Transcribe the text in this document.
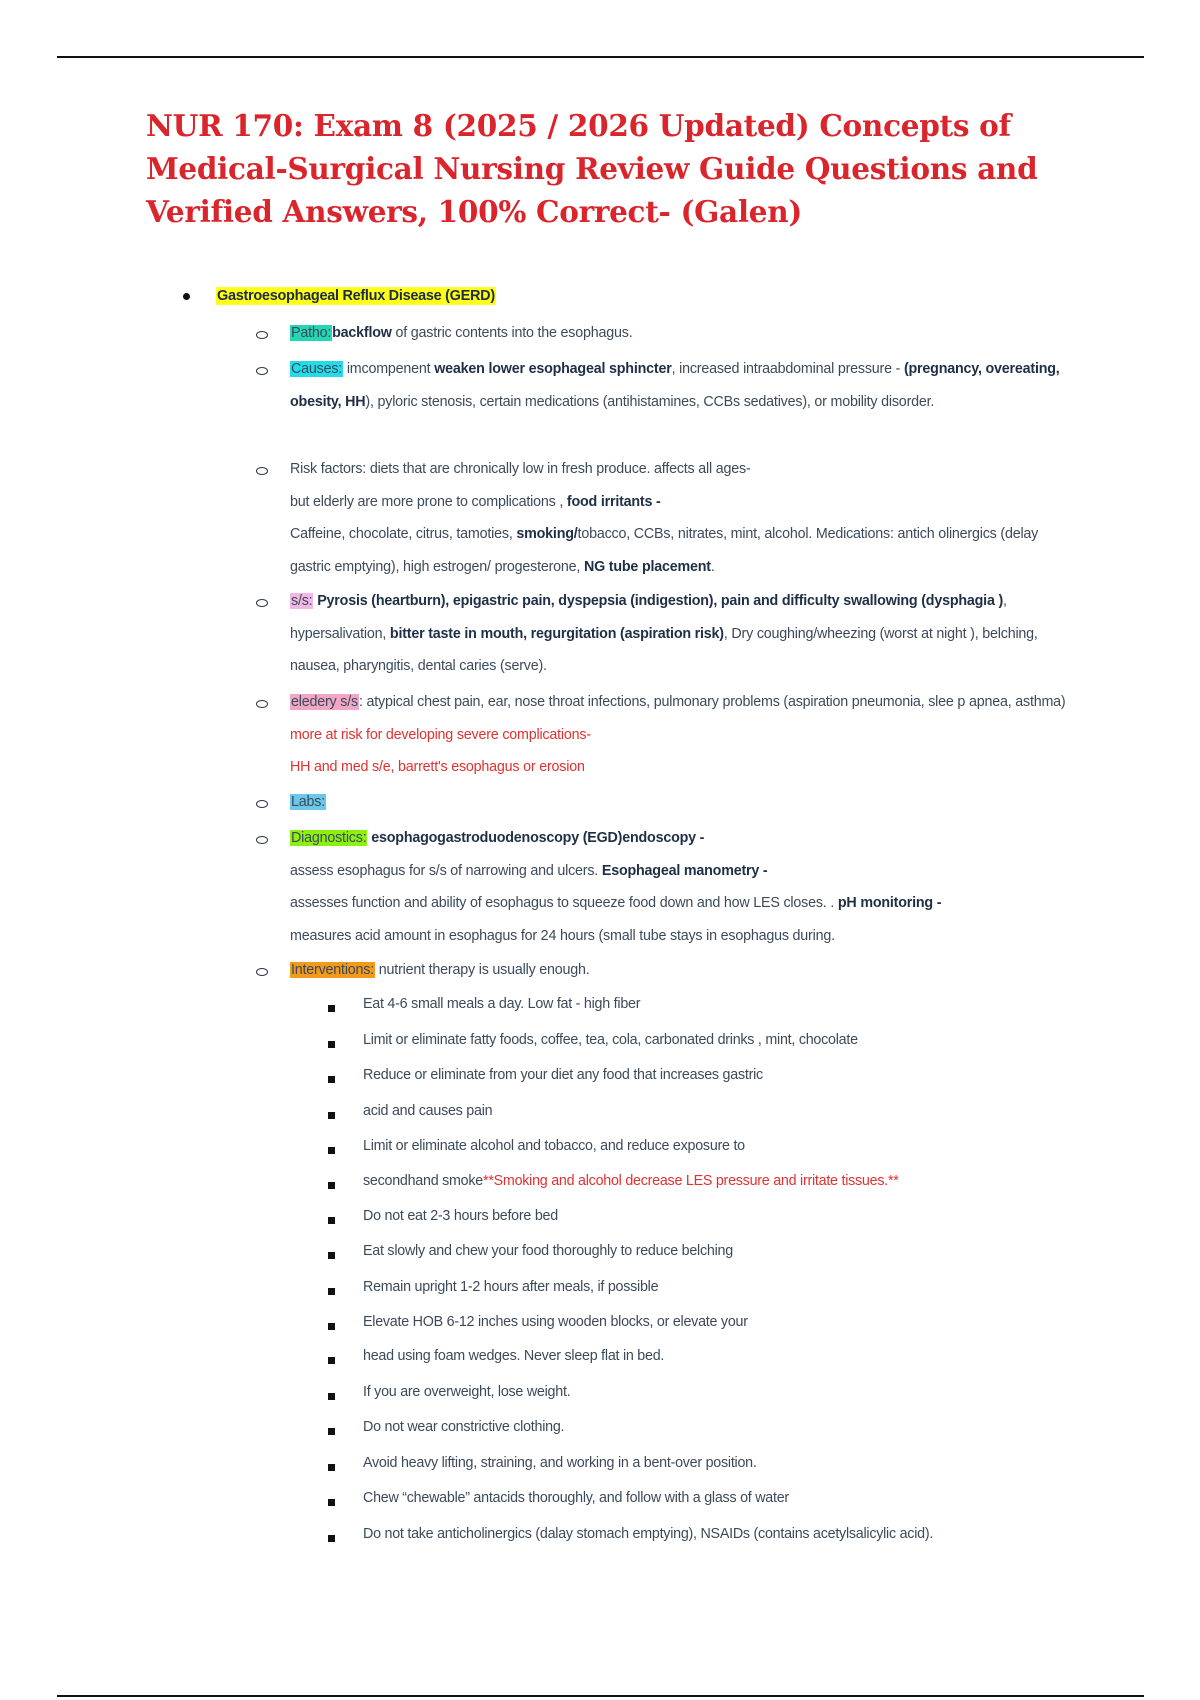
NUR 170: Exam 8 (2025 / 2026 Updated) Concepts of Medical-Surgical Nursing Review Guide Questions and Verified Answers, 100% Correct- (Galen)
Gastroesophageal Reflux Disease (GERD)
Patho:backflow of gastric contents into the esophagus.
Causes: imcompenent weaken lower esophageal sphincter, increased intraabdominal pressure - (pregnancy, overeating, obesity, HH), pyloric stenosis, certain medications (antihistamines, CCBs sedatives), or mobility disorder.
Risk factors: diets that are chronically low in fresh produce. affects all ages-
but elderly are more prone to complications , food irritants -
Caffeine, chocolate, citrus, tamoties, smoking/tobacco, CCBs, nitrates, mint, alcohol. Medications: antich olinergics (delay gastric emptying), high estrogen/ progesterone, NG tube placement.
s/s: Pyrosis (heartburn), epigastric pain, dyspepsia (indigestion), pain and difficulty swallowing (dysphagia ), hypersalivation, bitter taste in mouth, regurgitation (aspiration risk), Dry coughing/wheezing (worst at night ), belching, nausea, pharyngitis, dental caries (serve).
eledery s/s: atypical chest pain, ear, nose throat infections, pulmonary problems (aspiration pneumonia, slee p apnea, asthma) more at risk for developing severe complications-
HH and med s/e, barrett's esophagus or erosion
Labs:
Diagnostics: esophagogastroduodenoscopy (EGD)endoscopy -
assess esophagus for s/s of narrowing and ulcers. Esophageal manometry -
assesses function and ability of esophagus to squeeze food down and how LES closes. . pH monitoring -
measures acid amount in esophagus for 24 hours (small tube stays in esophagus during.
Interventions: nutrient therapy is usually enough.
Eat 4-6 small meals a day. Low fat - high fiber
Limit or eliminate fatty foods, coffee, tea, cola, carbonated drinks , mint, chocolate
Reduce or eliminate from your diet any food that increases gastric
acid and causes pain
Limit or eliminate alcohol and tobacco, and reduce exposure to
secondhand smoke**Smoking and alcohol decrease LES pressure and irritate tissues.**
Do not eat 2-3 hours before bed
Eat slowly and chew your food thoroughly to reduce belching
Remain upright 1-2 hours after meals, if possible
Elevate HOB 6-12 inches using wooden blocks, or elevate your
head using foam wedges. Never sleep flat in bed.
If you are overweight, lose weight.
Do not wear constrictive clothing.
Avoid heavy lifting, straining, and working in a bent-over position.
Chew “chewable” antacids thoroughly, and follow with a glass of water
Do not take anticholinergics (dalay stomach emptying), NSAIDs (contains acetylsalicylic acid).
